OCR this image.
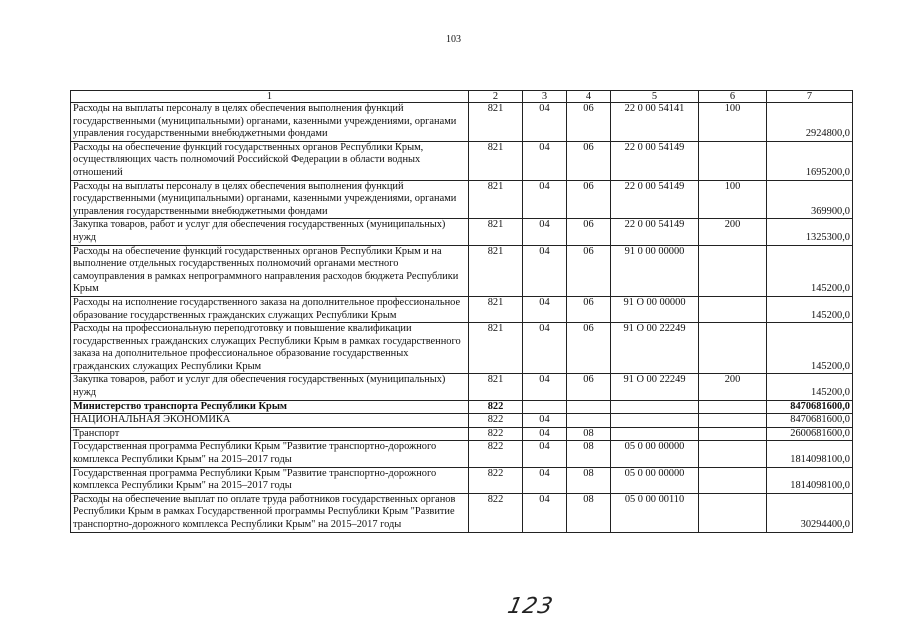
103
1	2	3	4	5	6	7
Расходы на выплаты персоналу в целях обеспечения выполнения функций государственными (муниципальными) органами, казенными учреждениями, органами управления государственными внебюджетными фондами	821	04	06	22 0 00 54141	100	2924800,0
Расходы на обеспечение функций государственных органов Республики Крым, осуществляющих часть полномочий Российской Федерации в области водных отношений	821	04	06	22 0 00 54149		1695200,0
Расходы на выплаты персоналу в целях обеспечения выполнения функций государственными (муниципальными) органами, казенными учреждениями, органами управления государственными внебюджетными фондами	821	04	06	22 0 00 54149	100	369900,0
Закупка товаров, работ и услуг для обеспечения государственных (муниципальных) нужд	821	04	06	22 0 00 54149	200	1325300,0
Расходы на обеспечение функций государственных органов Республики Крым и на выполнение отдельных государственных полномочий органами местного самоуправления в рамках непрограммного направления расходов бюджета Республики Крым	821	04	06	91 0 00 00000		145200,0
Расходы на исполнение государственного заказа на дополнительное профессиональное образование государственных гражданских служащих Республики Крым	821	04	06	91 О 00 00000		145200,0
Расходы на профессиональную переподготовку и повышение квалификации государственных гражданских служащих Республики Крым в рамках государственного заказа на дополнительное профессиональное образование государственных гражданских служащих Республики Крым	821	04	06	91 О 00 22249		145200,0
Закупка товаров, работ и услуг для обеспечения государственных (муниципальных) нужд	821	04	06	91 О 00 22249	200	145200,0
Министерство транспорта Республики Крым	822					8470681600,0
НАЦИОНАЛЬНАЯ ЭКОНОМИКА	822	04				8470681600,0
Транспорт	822	04	08			2600681600,0
Государственная программа Республики Крым "Развитие транспортно-дорожного комплекса Республики Крым" на 2015–2017 годы	822	04	08	05 0 00 00000		1814098100,0
Государственная программа Республики Крым "Развитие транспортно-дорожного комплекса Республики Крым" на 2015–2017 годы	822	04	08	05 0 00 00000		1814098100,0
Расходы на обеспечение выплат по оплате труда работников государственных органов Республики Крым в рамках Государственной программы Республики Крым "Развитие транспортно-дорожного комплекса Республики Крым" на 2015–2017 годы	822	04	08	05 0 00 00110		30294400,0
123
